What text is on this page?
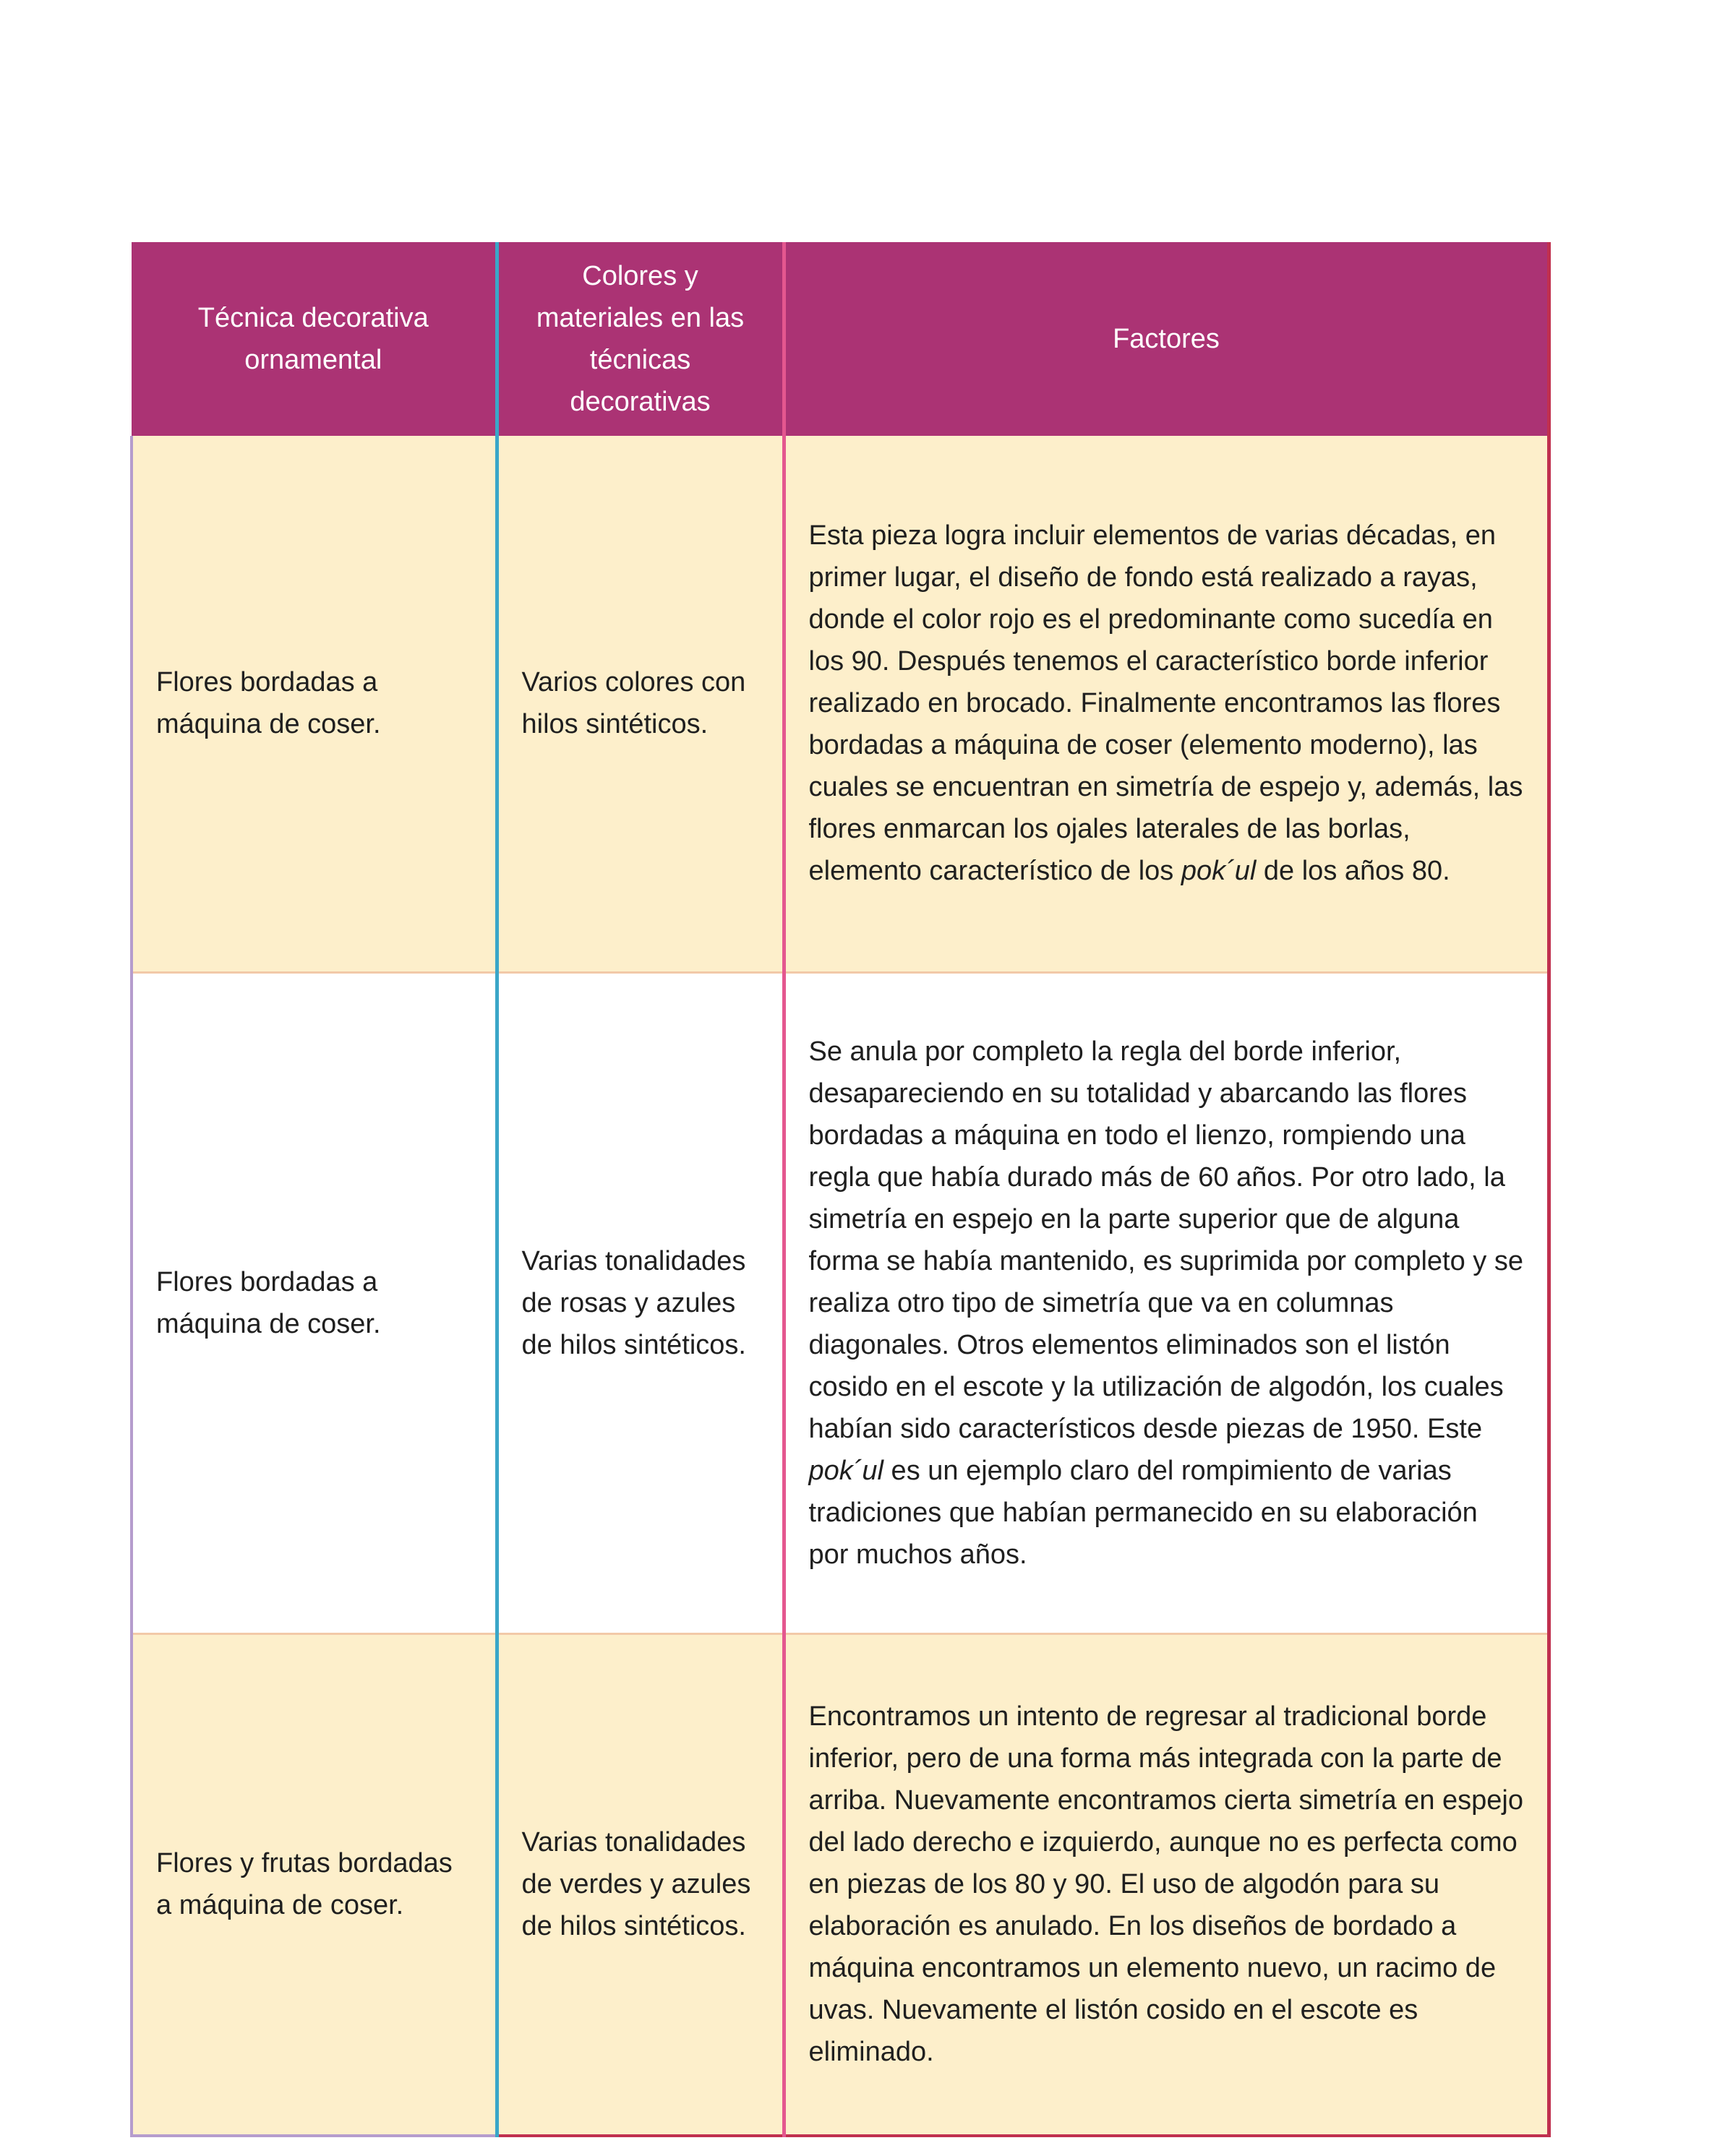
Técnica decorativa ornamental	Colores y materiales en las técnicas decorativas	Factores
Flores bordadas a máquina de coser.	Varios colores con hilos sintéticos.	Esta pieza logra incluir elementos de varias décadas, en primer lugar, el diseño de fondo está realizado a rayas, donde el color rojo es el predominante como sucedía en los 90. Después tenemos el característico borde inferior realizado en brocado. Finalmente encontramos las flores bordadas a máquina de coser (elemento moderno), las cuales se encuentran en simetría de espejo y, además, las flores enmarcan los ojales laterales de las borlas, elemento característico de los pok´ul de los años 80.

Flores bordadas a máquina de coser.	Varias tonalidades de rosas y azules de hilos sintéticos.	Se anula por completo la regla del borde inferior, desapareciendo en su totalidad y abarcando las flores bordadas a máquina en todo el lienzo, rompiendo una regla que había durado más de 60 años. Por otro lado, la simetría en espejo en la parte superior que de alguna forma se había mantenido, es suprimida por completo y se realiza otro tipo de simetría que va en columnas diagonales. Otros elementos eliminados son el listón cosido en el escote y la utilización de algodón, los cuales habían sido característicos desde piezas de 1950. Este pok´ul es un ejemplo claro del rompimiento de varias tradiciones que habían permanecido en su elaboración por muchos años.

Flores y frutas bordadas a máquina de coser.	Varias tonalidades de verdes y azules de hilos sintéticos.	Encontramos un intento de regresar al tradicional borde inferior, pero de una forma más integrada con la parte de arriba. Nuevamente encontramos cierta simetría en espejo del lado derecho e izquierdo, aunque no es perfecta como en piezas de los 80 y 90. El uso de algodón para su elaboración es anulado. En los diseños de bordado a máquina encontramos un elemento nuevo, un racimo de uvas. Nuevamente el listón cosido en el escote es eliminado.
